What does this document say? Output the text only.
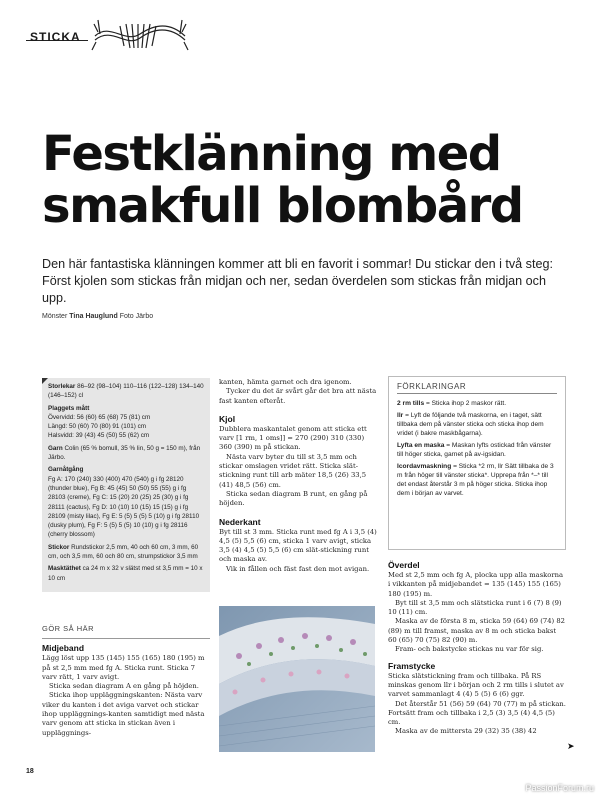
STICKA
Festklänning med smakfull blombård
Den här fantastiska klänningen kommer att bli en favorit i sommar! Du stickar den i två steg: Först kjolen som stickas från midjan och ner, sedan överdelen som stickas från midjan och upp.
Mönster Tina Hauglund Foto Järbo
Storlekar 86–92 (98–104) 110–116 (122–128) 134–140 (146–152) cl
Plaggets mått
Övervidd: 56 (60) 65 (68) 75 (81) cm
Längd: 50 (60) 70 (80) 91 (101) cm
Halsvidd: 39 (43) 45 (50) 55 (62) cm
Garn Colin (65 % bomull, 35 % lin, 50 g = 150 m), från Järbo.
Garnåtgång
Fg A: 170 (240) 330 (400) 470 (540) g i fg 28120 (thunder blue), Fg B: 45 (45) 50 (50) 55 (55) g i fg 28103 (creme), Fg C: 15 (20) 20 (25) 25 (30) g i fg 28111 (cactus), Fg D: 10 (10) 10 (15) 15 (15) g i fg 28109 (misty lilac), Fg E: 5 (5) 5 (5) 5 (10) g i fg 28110 (dusky plum), Fg F: 5 (5) 5 (5) 10 (10) g i fg 28116 (cherry blossom)
Stickor Rundstickor 2,5 mm, 40 och 60 cm, 3 mm, 60 cm, och 3,5 mm, 60 och 80 cm, strumpstickor 3,5 mm
Masktäthet ca 24 m x 32 v slätst med st 3,5 mm = 10 x 10 cm
GÖR SÅ HÄR
Midjeband

Lägg löst upp 135 (145) 155 (165) 180 (195) m på st 2,5 mm med fg A. Sticka runt. Sticka 7 varv rätt, 1 varv avigt.

Sticka sedan diagram A en gång på höjden.

Sticka ihop uppläggningskanten: Nästa varv viker du kanten i det aviga varvet och stickar ihop uppläggnings-kanten samtidigt med nästa varv genom att sticka in stickan även i uppläggnings-

kanten, hämta garnet och dra igenom.

Tycker du det är svårt går det bra att nästa fast kanten efteråt.

Kjol

Dubblera maskantalet genom att sticka ett varv [1 rm, 1 oms]] = 270 (290) 310 (330) 360 (390) m på stickan.

Nästa varv byter du till st 3,5 mm och stickar omslagen vridet rätt. Sticka slät-stickning runt till arb mäter 18,5 (26) 33,5 (41) 48,5 (56) cm.

Sticka sedan diagram B runt, en gång på höjden.

Nederkant

Byt till st 3 mm. Sticka runt med fg A i 3,5 (4) 4,5 (5) 5,5 (6) cm, sticka 1 varv avigt, sticka 3,5 (4) 4,5 (5) 5,5 (6) cm slät-stickning runt och maska av.

Vik in fållen och fäst fast den mot avigan.

FÖRKLARINGAR
2 rm tills = Sticka ihop 2 maskor rätt.
llr = Lyft de följande två maskorna, en i taget, sätt tillbaka dem på vänster sticka och sticka ihop dem vridet (i bakre maskbågarna).
Lyfta en maska = Maskan lyfts ostickad från vänster till höger sticka, garnet på av-igsidan.
Icordavmaskning = Sticka *2 rm, llr Sätt tillbaka de 3 m från höger till vänster sticka*. Upprepa från *–* till det endast återstår 3 m på höger sticka. Sticka ihop dem i början av varvet.
Överdel

Med st 2,5 mm och fg A, plocka upp alla maskorna i vikkanten på midjebandet = 135 (145) 155 (165) 180 (195) m.

Byt till st 3,5 mm och slätsticka runt i 6 (7) 8 (9) 10 (11) cm.

Maska av de första 8 m, sticka 59 (64) 69 (74) 82 (89) m till framst, maska av 8 m och sticka bakst 60 (65) 70 (75) 82 (90) m.

Fram- och bakstycke stickas nu var för sig.

Framstycke

Sticka slätstickning fram och tillbaka. På RS minskas genom llr i början och 2 rm tills i slutet av varvet sammanlagt 4 (4) 5 (5) 6 (6) ggr.

Det återstår 51 (56) 59 (64) 70 (77) m på stickan. Fortsätt fram och tillbaka i 2,5 (3) 3,5 (4) 4,5 (5) cm.

Maska av de mittersta 29 (32) 35 (38) 42

➤
18
PassionForum.ru
